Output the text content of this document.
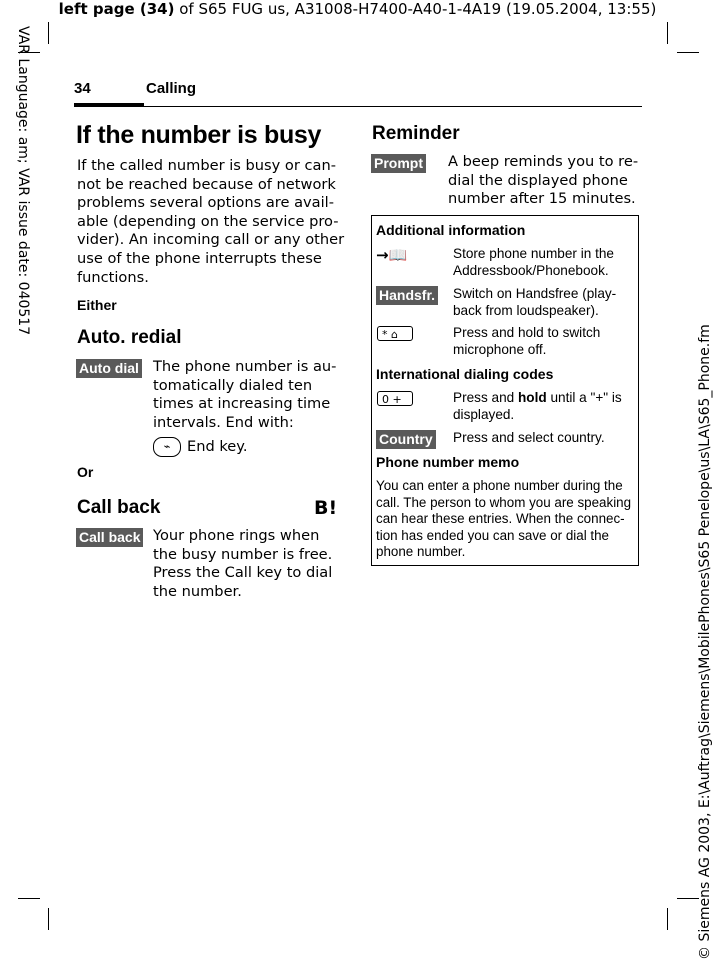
left page (34) of S65 FUG us, A31008-H7400-A40-1-4A19 (19.05.2004, 13:55)
VAR Language: am; VAR issue date: 040517
© Siemens AG 2003, E:\Auftrag\Siemens\MobilePhones\S65 Penelope\us\LA\S65_Phone.fm
34	Calling
If the number is busy
If the called number is busy or can-
not be reached because of network
problems several options are avail-
able (depending on the service pro-
vider). An incoming call or any other
use of the phone interrupts these
functions.
Either
Auto. redial
Auto dial The phone number is au-
tomatically dialed ten
times at increasing time
intervals. End with:
⌁ End key.
Or
Call back	B!
Call back Your phone rings when
the busy number is free.
Press the Call key to dial
the number.
Reminder
Prompt A beep reminds you to re-
dial the displayed phone
number after 15 minutes.
Additional information
→📖	Store phone number in the
Addressbook/Phonebook.
Handsfr. Switch on Handsfree (play-
back from loudspeaker).
* ⌂	Press and hold to switch
microphone off.
International dialing codes
0 +	Press and hold until a "+" is
displayed.
Country Press and select country.
Phone number memo
You can enter a phone number during the
call. The person to whom you are speaking
can hear these entries. When the connec-
tion has ended you can save or dial the
phone number.
